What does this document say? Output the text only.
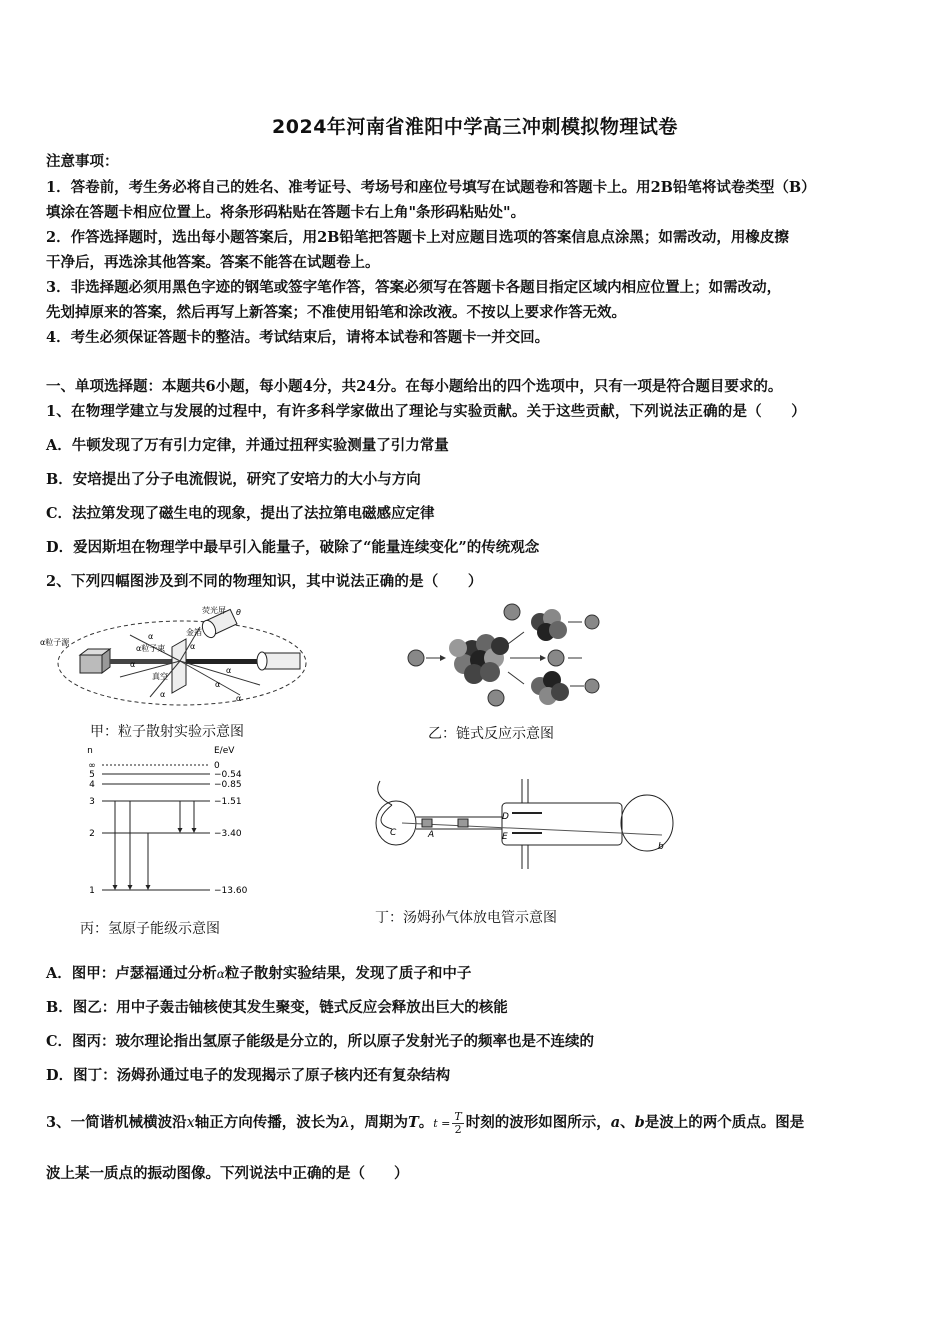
2024年河南省淮阳中学高三冲刺模拟物理试卷
注意事项：
1．答卷前，考生务必将自己的姓名、准考证号、考场号和座位号填写在试题卷和答题卡上。用2B铅笔将试卷类型（B）
填涂在答题卡相应位置上。将条形码粘贴在答题卡右上角"条形码粘贴处"。
2．作答选择题时，选出每小题答案后，用2B铅笔把答题卡上对应题目选项的答案信息点涂黑；如需改动，用橡皮擦
干净后，再选涂其他答案。答案不能答在试题卷上。
3．非选择题必须用黑色字迹的钢笔或签字笔作答，答案必须写在答题卡各题目指定区域内相应位置上；如需改动，
先划掉原来的答案，然后再写上新答案；不准使用铅笔和涂改液。不按以上要求作答无效。
4．考生必须保证答题卡的整洁。考试结束后，请将本试卷和答题卡一并交回。
一、单项选择题：本题共6小题，每小题4分，共24分。在每小题给出的四个选项中，只有一项是符合题目要求的。
1、在物理学建立与发展的过程中，有许多科学家做出了理论与实验贡献。关于这些贡献，下列说法正确的是（　　）
A．牛顿发现了万有引力定律，并通过扭秤实验测量了引力常量
B．安培提出了分子电流假说，研究了安培力的大小与方向
C．法拉第发现了磁生电的现象，提出了法拉第电磁感应定律
D．爱因斯坦在物理学中最早引入能量子，破除了“能量连续变化”的传统观念
2、下列四幅图涉及到不同的物理知识，其中说法正确的是（　　）
α粒子源
荧光屏
α粒子束
金箔
真空
α
α
α
α
α
α
α
θ
甲：粒子散射实验示意图	乙：链式反应示意图
n	E/eV
∞	0
5	−0.54
4	−0.85
3	−1.51
2	−3.40
1	−13.60
丙：氢原子能级示意图
C	A
D
E
b
丁：汤姆孙气体放电管示意图
A．图甲：卢瑟福通过分析$^\alpha$粒子散射实验结果，发现了质子和中子
B．图乙：用中子轰击铀核使其发生聚变，链式反应会释放出巨大的核能
C．图丙：玻尔理论指出氢原子能级是分立的，所以原子发射光子的频率也是不连续的
D．图丁：汤姆孙通过电子的发现揭示了原子核内还有复杂结构
3、一简谐机械横波沿x轴正方向传播，波长为λ，周期为T。$t = \frac{T}{2}$ 时刻的波形如图所示，a、b是波上的两个质点。图是
波上某一质点的振动图像。下列说法中正确的是（　　）
